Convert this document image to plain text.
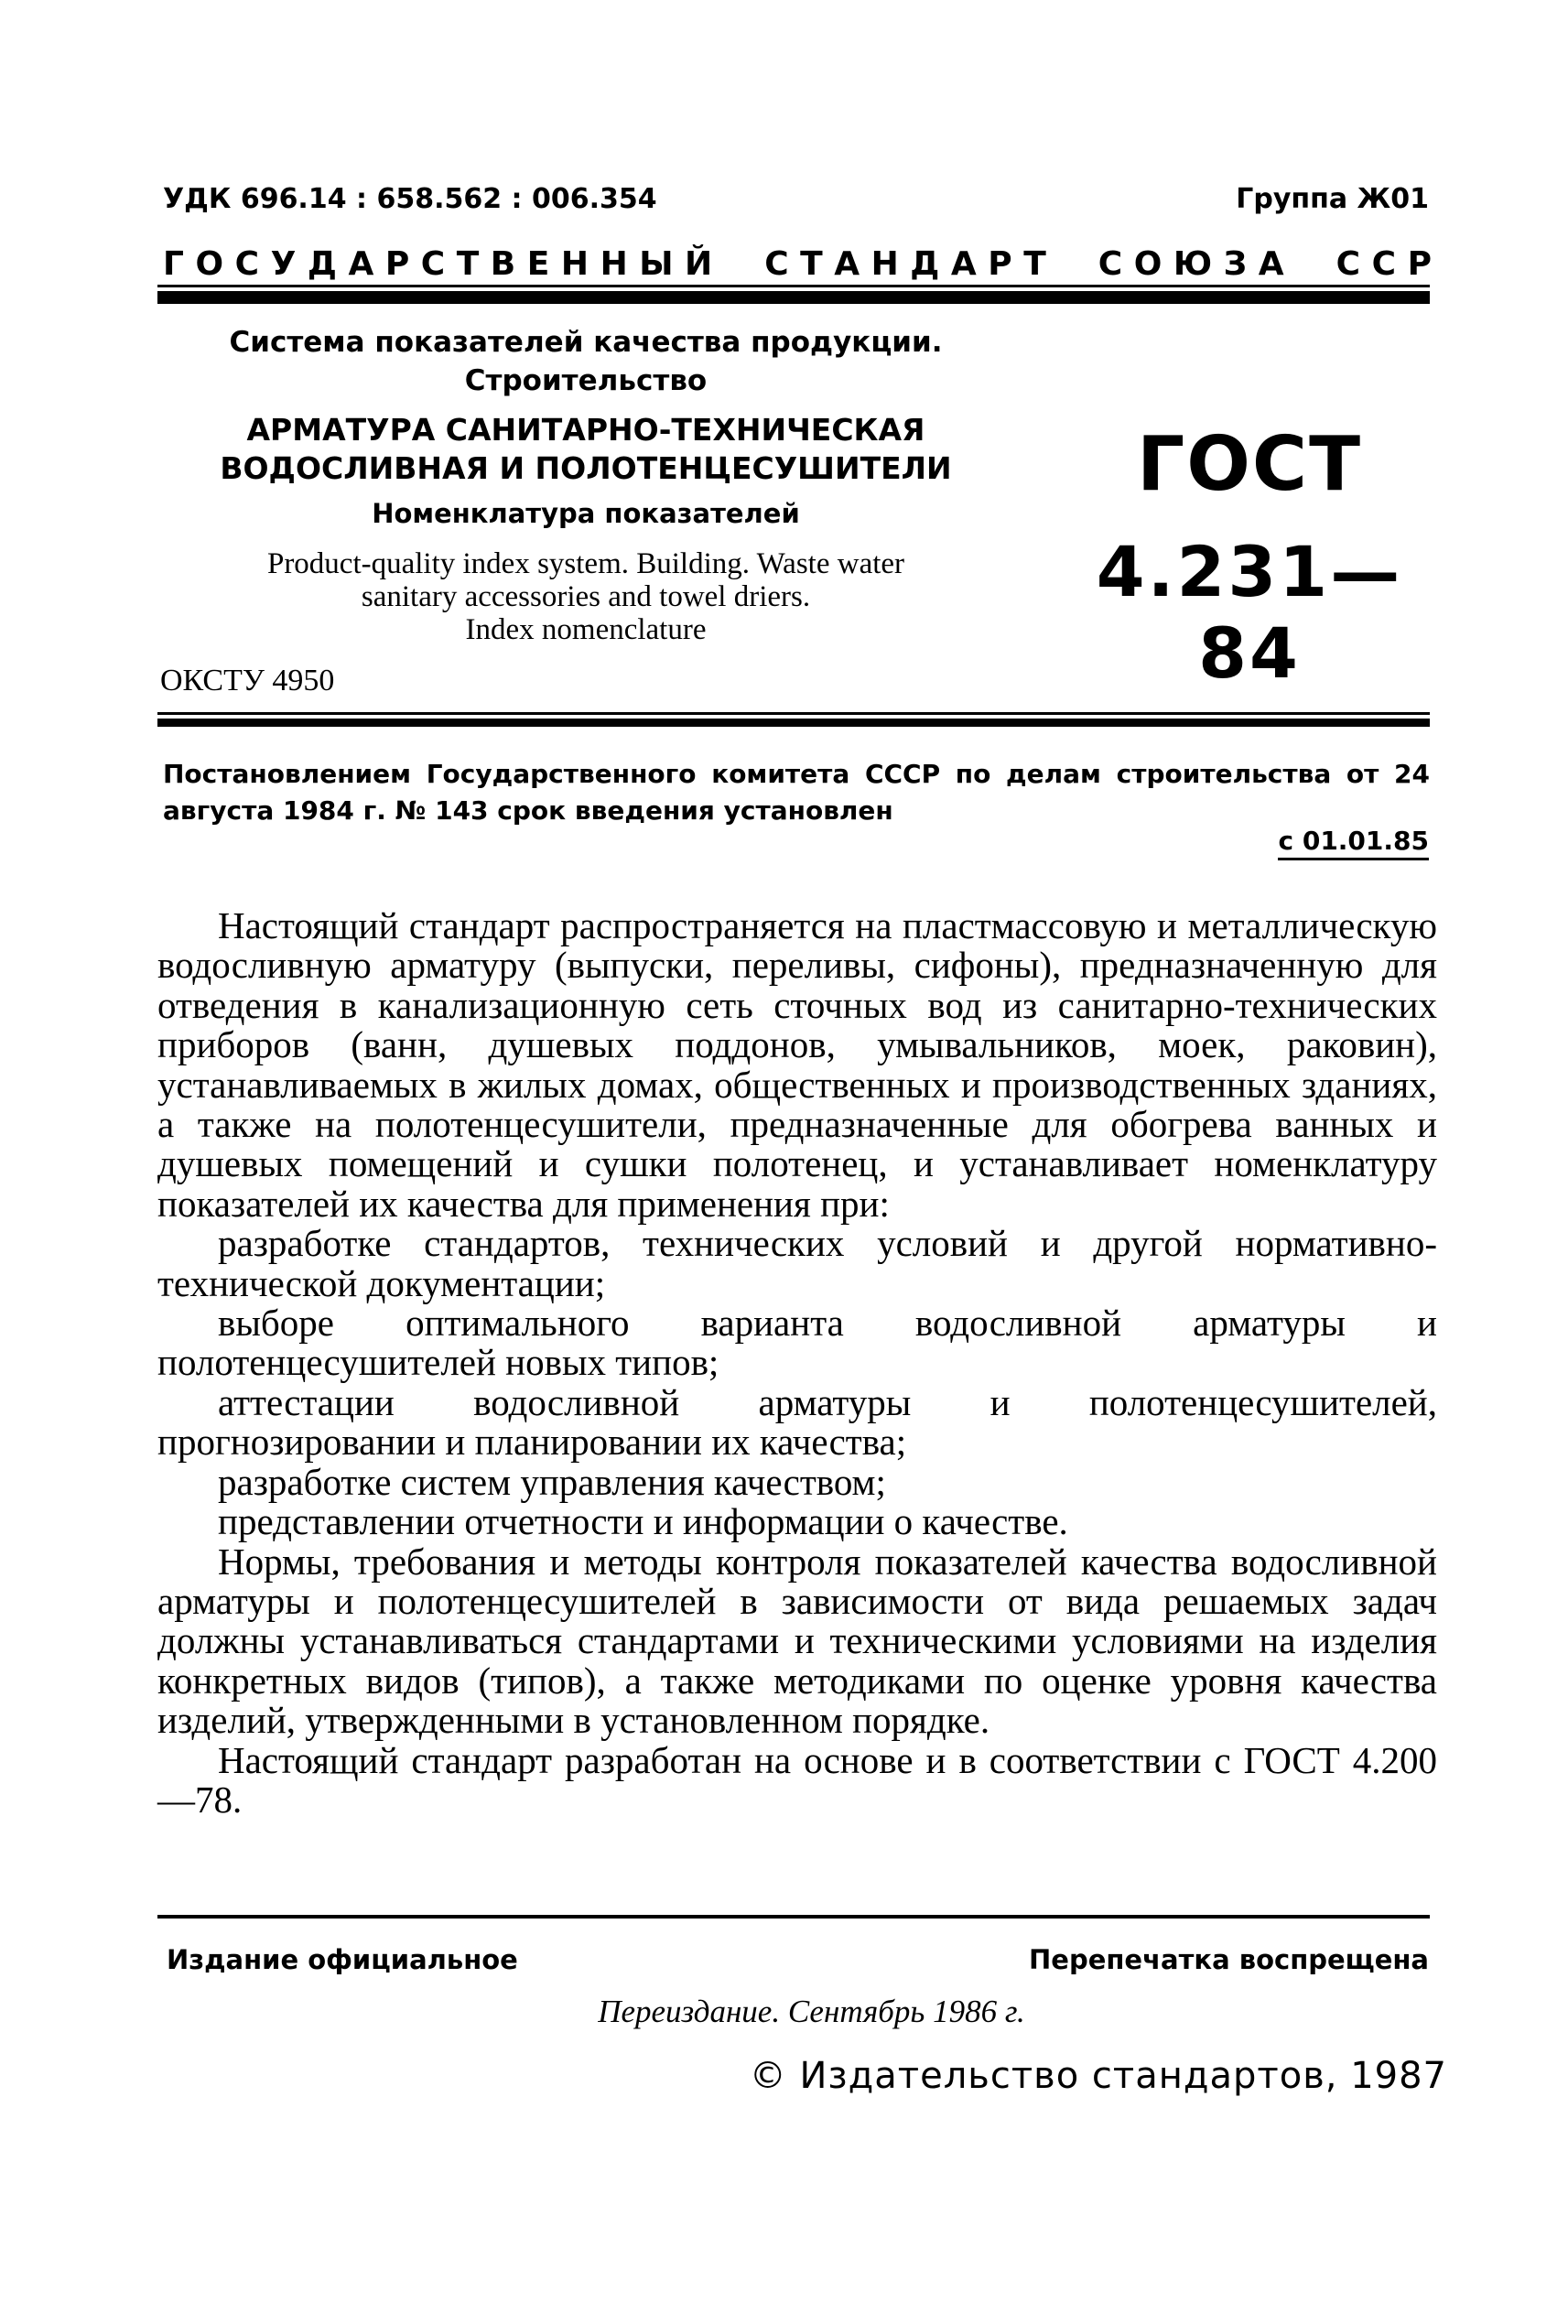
УДК 696.14 : 658.562 : 006.354	Группа Ж01
Г О С У Д А Р С Т В Е Н Н Ы Й С Т А Н Д А Р Т С О Ю З А С С Р
Система показателей качества продукции.
Строительство
АРМАТУРА САНИТАРНО-ТЕХНИЧЕСКАЯ
ВОДОСЛИВНАЯ И ПОЛОТЕНЦЕСУШИТЕЛИ
Номенклатура показателей
Product-quality index system. Building. Waste water
sanitary accessories and towel driers.
Index nomenclature
ОКСТУ 4950
ГОСТ
4.231—84
Постановлением Государственного комитета СССР по делам строительства от 24 августа 1984 г. № 143 срок введения установлен
с 01.01.85

Настоящий стандарт распространяется на пластмассовую и металлическую водосливную арматуру (выпуски, переливы, сифоны), предназначенную для отведения в канализационную сеть сточных вод из санитарно-технических приборов (ванн, душевых поддонов, умывальников, моек, раковин), устанавливаемых в жилых домах, общественных и производственных зданиях, а также на полотенцесушители, предназначенные для обогрева ванных и душевых помещений и сушки полотенец, и устанавливает номенклатуру показателей их качества для применения при:

разработке стандартов, технических условий и другой нормативно-технической документации;

выборе оптимального варианта водосливной арматуры и полотенцесушителей новых типов;

аттестации водосливной арматуры и полотенцесушителей, прогнозировании и планировании их качества;

разработке систем управления качеством;

представлении отчетности и информации о качестве.

Нормы, требования и методы контроля показателей качества водосливной арматуры и полотенцесушителей в зависимости от вида решаемых задач должны устанавливаться стандартами и техническими условиями на изделия конкретных видов (типов), а также методиками по оценке уровня качества изделий, утвержденными в установленном порядке.

Настоящий стандарт разработан на основе и в соответствии с ГОСТ 4.200—78.

Издание официальное	Перепечатка воспрещена
Переиздание. Сентябрь 1986 г.
© Издательство стандартов, 1987
